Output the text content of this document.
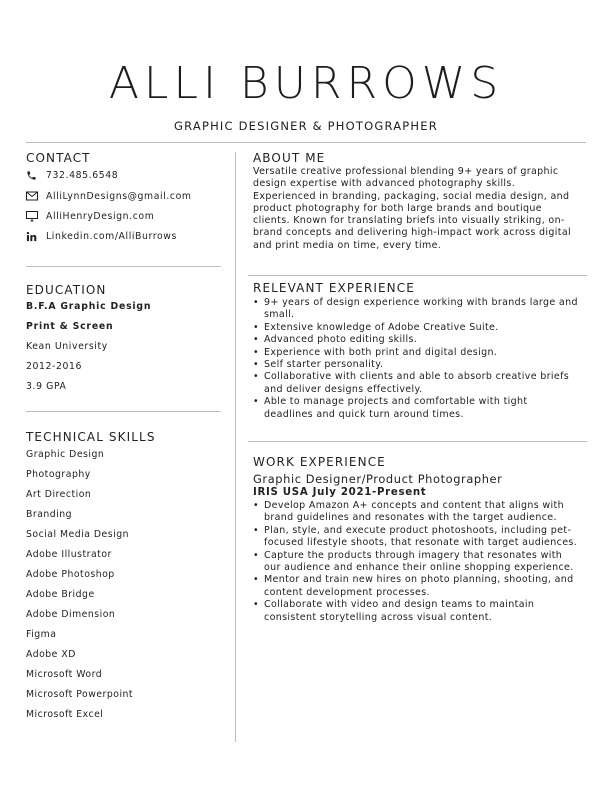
ALLI BURROWS
GRAPHIC DESIGNER & PHOTOGRAPHER
CONTACT
732.485.6548
AlliLynnDesigns@gmail.com
AlliHenryDesign.com
Linkedin.com/AlliBurrows
EDUCATION
B.F.A Graphic Design
Print & Screen
Kean University
2012-2016
3.9 GPA
TECHNICAL SKILLS
Graphic Design
Photography
Art Direction
Branding
Social Media Design
Adobe Illustrator
Adobe Photoshop
Adobe Bridge
Adobe Dimension
Figma
Adobe XD
Microsoft Word
Microsoft Powerpoint
Microsoft Excel
ABOUT ME
Versatile creative professional blending 9+ years of graphic design expertise with advanced photography skills. Experienced in branding, packaging, social media design, and product photography for both large brands and boutique clients. Known for translating briefs into visually striking, on-brand concepts and delivering high-impact work across digital and print media on time, every time.
RELEVANT EXPERIENCE
• 9+ years of design experience working with brands large and small.
• Extensive knowledge of Adobe Creative Suite.
• Advanced photo editing skills.
• Experience with both print and digital design.
• Self starter personality.
• Collaborative with clients and able to absorb creative briefs and deliver designs effectively.
• Able to manage projects and comfortable with tight deadlines and quick turn around times.
WORK EXPERIENCE
Graphic Designer/Product Photographer
IRIS USA July 2021-Present
• Develop Amazon A+ concepts and content that aligns with brand guidelines and resonates with the target audience.
• Plan, style, and execute product photoshoots, including pet-focused lifestyle shoots, that resonate with target audiences.
• Capture the products through imagery that resonates with our audience and enhance their online shopping experience.
• Mentor and train new hires on photo planning, shooting, and content development processes.
• Collaborate with video and design teams to maintain consistent storytelling across visual content.
